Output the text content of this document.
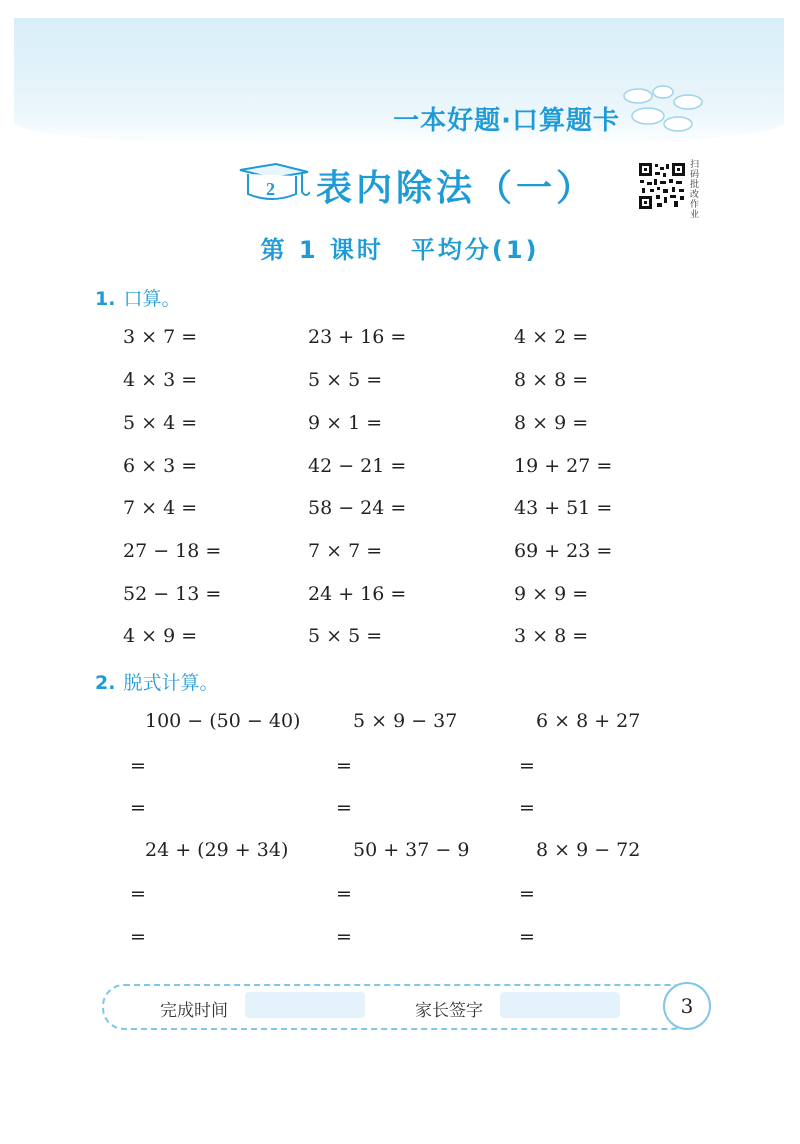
一本好题·口算题卡
2 表内除法（一）
扫码批改作业
第 1 课时　平均分(1)
1. 口算。
3 × 7 =	23 + 16 =	4 × 2 =
4 × 3 =	5 × 5 =	8 × 8 =
5 × 4 =	9 × 1 =	8 × 9 =
6 × 3 =	42 − 21 =	19 + 27 =
7 × 4 =	58 − 24 =	43 + 51 =
27 − 18 =	7 × 7 =	69 + 23 =
52 − 13 =	24 + 16 =	9 × 9 =
4 × 9 =	5 × 5 =	3 × 8 =
2. 脱式计算。
100 − (50 − 40)	5 × 9 − 37	6 × 8 + 27
=	=	=
=	=	=
24 + (29 + 34)	50 + 37 − 9	8 × 9 − 72
=	=	=
=	=	=
完成时间	家长签字	3
